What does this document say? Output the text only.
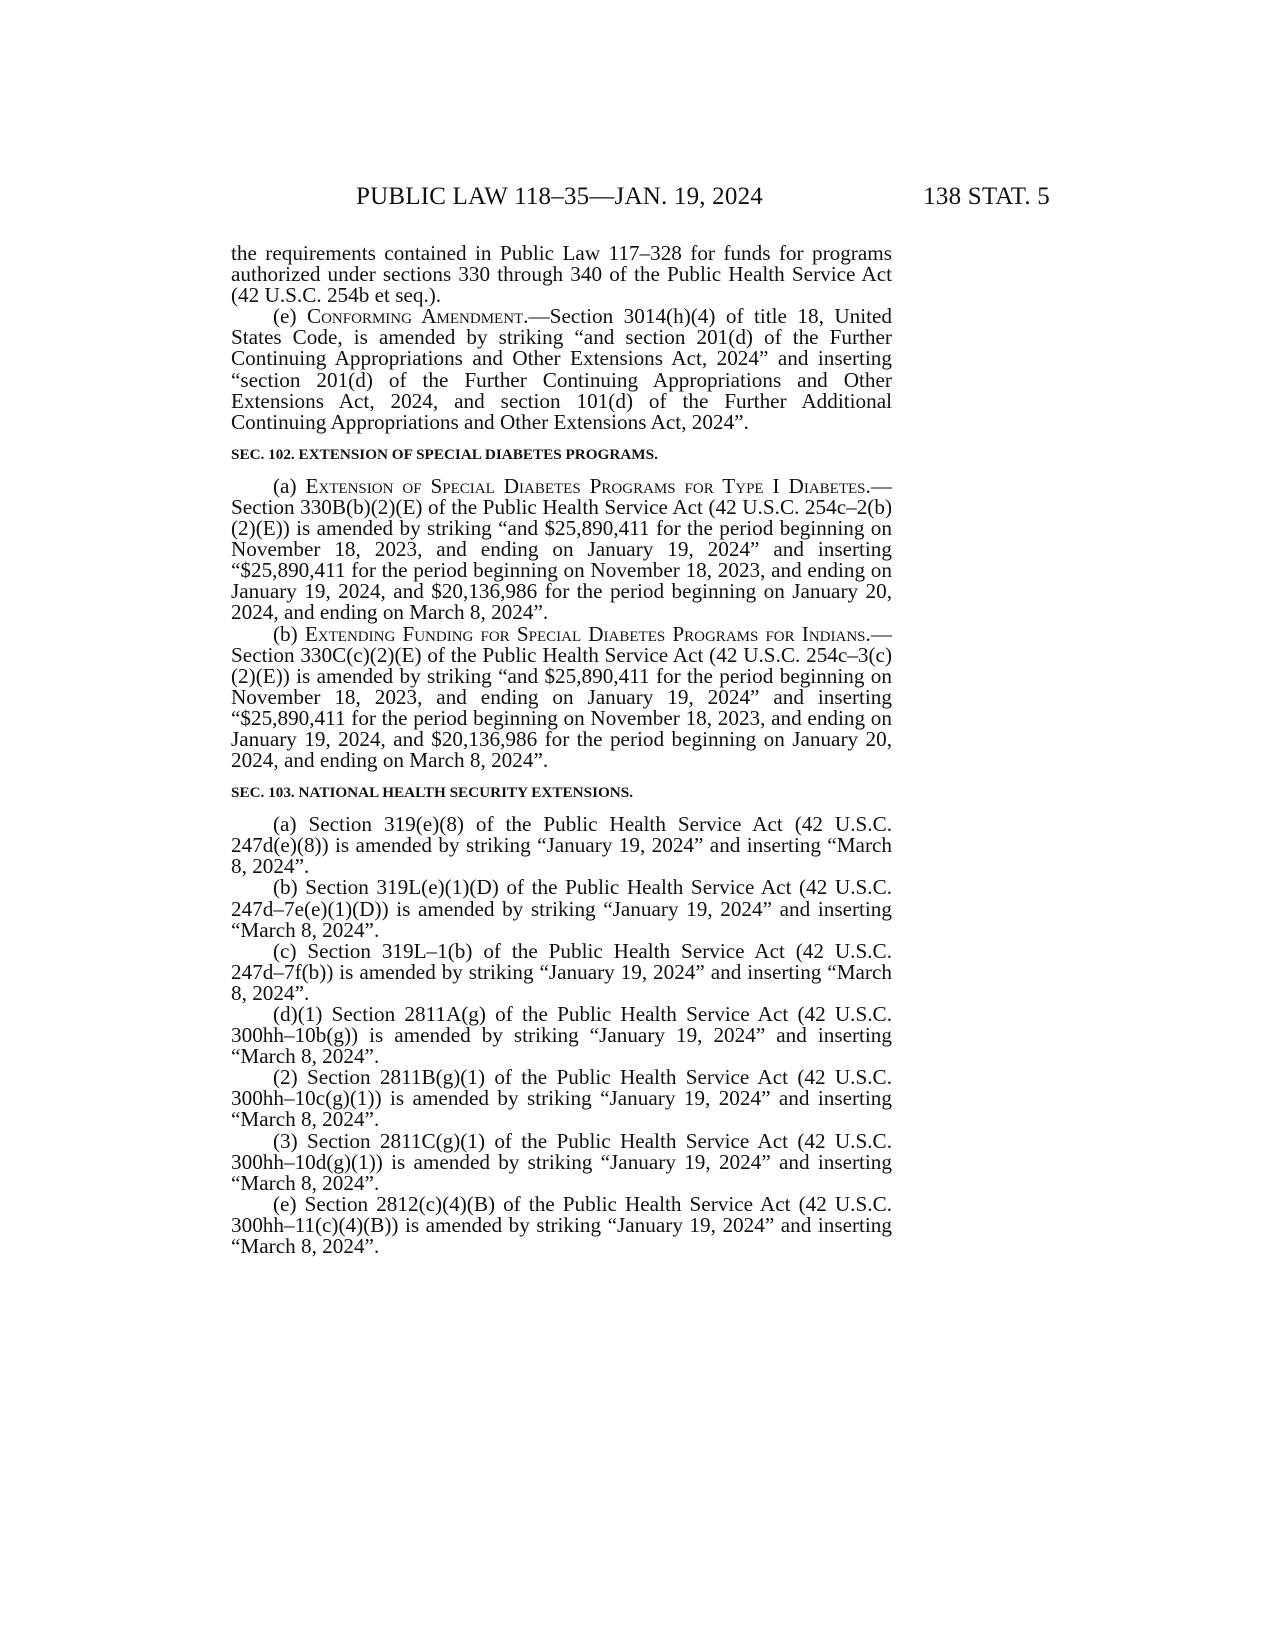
PUBLIC LAW 118–35—JAN. 19, 2024	138 STAT. 5

the requirements contained in Public Law 117–328 for funds for programs authorized under sections 330 through 340 of the Public Health Service Act (42 U.S.C. 254b et seq.).

(e) Conforming Amendment.—Section 3014(h)(4) of title 18, United States Code, is amended by striking “and section 201(d) of the Further Continuing Appropriations and Other Extensions Act, 2024” and inserting “section 201(d) of the Further Continuing Appropriations and Other Extensions Act, 2024, and section 101(d) of the Further Additional Continuing Appropriations and Other Extensions Act, 2024”.

SEC. 102. EXTENSION OF SPECIAL DIABETES PROGRAMS.

(a) Extension of Special Diabetes Programs for Type I Diabetes.—Section 330B(b)(2)(E) of the Public Health Service Act (42 U.S.C. 254c–2(b)(2)(E)) is amended by striking “and $25,890,411 for the period beginning on November 18, 2023, and ending on January 19, 2024” and inserting “$25,890,411 for the period beginning on November 18, 2023, and ending on January 19, 2024, and $20,136,986 for the period beginning on January 20, 2024, and ending on March 8, 2024”.

(b) Extending Funding for Special Diabetes Programs for Indians.—Section 330C(c)(2)(E) of the Public Health Service Act (42 U.S.C. 254c–3(c)(2)(E)) is amended by striking “and $25,890,411 for the period beginning on November 18, 2023, and ending on January 19, 2024” and inserting “$25,890,411 for the period beginning on November 18, 2023, and ending on January 19, 2024, and $20,136,986 for the period beginning on January 20, 2024, and ending on March 8, 2024”.

SEC. 103. NATIONAL HEALTH SECURITY EXTENSIONS.

(a) Section 319(e)(8) of the Public Health Service Act (42 U.S.C. 247d(e)(8)) is amended by striking “January 19, 2024” and inserting “March 8, 2024”.

(b) Section 319L(e)(1)(D) of the Public Health Service Act (42 U.S.C. 247d–7e(e)(1)(D)) is amended by striking “January 19, 2024” and inserting “March 8, 2024”.

(c) Section 319L–1(b) of the Public Health Service Act (42 U.S.C. 247d–7f(b)) is amended by striking “January 19, 2024” and inserting “March 8, 2024”.

(d)(1) Section 2811A(g) of the Public Health Service Act (42 U.S.C. 300hh–10b(g)) is amended by striking “January 19, 2024” and inserting “March 8, 2024”.

(2) Section 2811B(g)(1) of the Public Health Service Act (42 U.S.C. 300hh–10c(g)(1)) is amended by striking “January 19, 2024” and inserting “March 8, 2024”.

(3) Section 2811C(g)(1) of the Public Health Service Act (42 U.S.C. 300hh–10d(g)(1)) is amended by striking “January 19, 2024” and inserting “March 8, 2024”.

(e) Section 2812(c)(4)(B) of the Public Health Service Act (42 U.S.C. 300hh–11(c)(4)(B)) is amended by striking “January 19, 2024” and inserting “March 8, 2024”.
